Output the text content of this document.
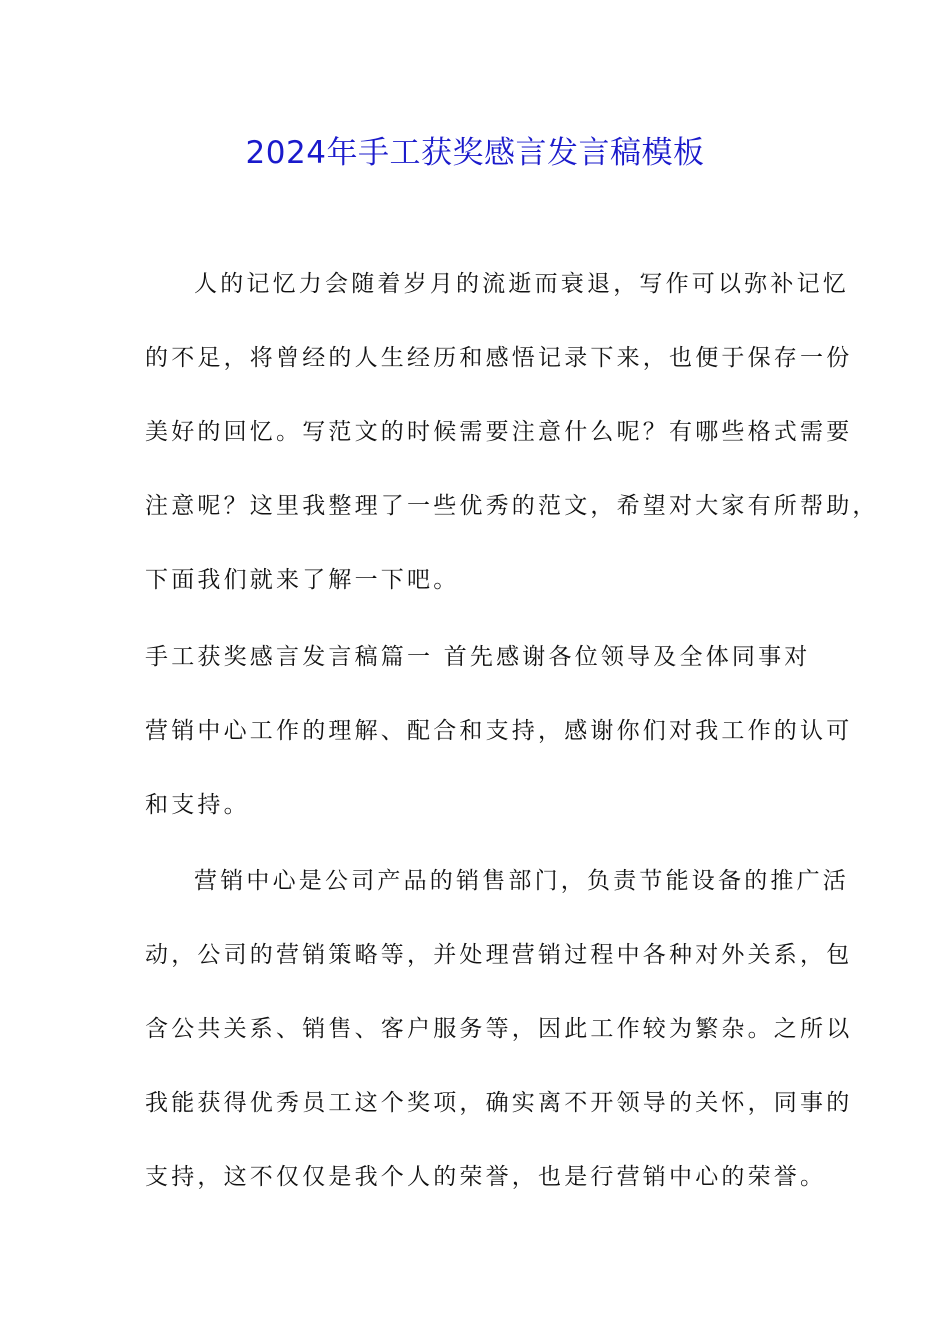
2024年手工获奖感言发言稿模板
人的记忆力会随着岁月的流逝而衰退，写作可以弥补记忆
的不足，将曾经的人生经历和感悟记录下来，也便于保存一份
美好的回忆。写范文的时候需要注意什么呢？有哪些格式需要
注意呢？这里我整理了一些优秀的范文，希望对大家有所帮助，
下面我们就来了解一下吧。
手工获奖感言发言稿篇一 首先感谢各位领导及全体同事对
营销中心工作的理解、配合和支持，感谢你们对我工作的认可
和支持。
营销中心是公司产品的销售部门，负责节能设备的推广活
动，公司的营销策略等，并处理营销过程中各种对外关系，包
含公共关系、销售、客户服务等，因此工作较为繁杂。之所以
我能获得优秀员工这个奖项，确实离不开领导的关怀，同事的
支持，这不仅仅是我个人的荣誉，也是行营销中心的荣誉。
